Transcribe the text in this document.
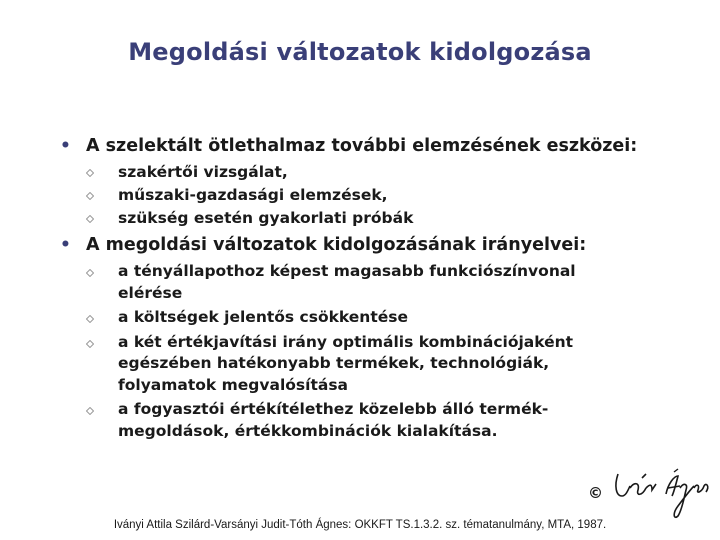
Megoldási változatok kidolgozása
• A szelektált ötlethalmaz további elemzésének eszközei:
szakértői vizsgálat,
műszaki-gazdasági elemzések,
szükség esetén gyakorlati próbák
• A megoldási változatok kidolgozásának irányelvei:
a tényállapothoz képest magasabb funkciószínvonal
elérése
a költségek jelentős csökkentése
a két értékjavítási irány optimális kombinációjaként
egészében hatékonyabb termékek, technológiák,
folyamatok megvalósítása
a fogyasztói értékítélethez közelebb álló termék-
megoldások, értékkombinációk kialakítása.
©
Iványi Attila Szilárd-Varsányi Judit-Tóth Ágnes: OKKFT TS.1.3.2. sz. tématanulmány, MTA, 1987.
